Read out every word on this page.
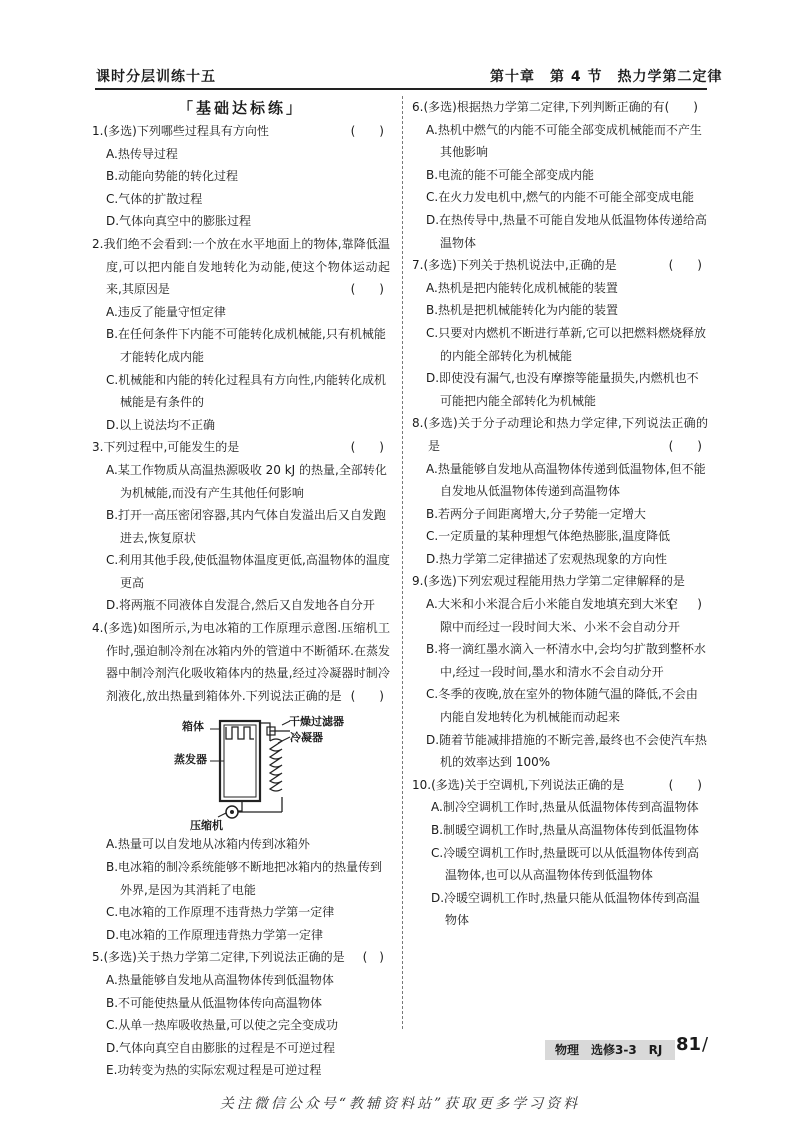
课时分层训练十五	第十章　第 4 节　热力学第二定律
「基础达标练」
1.(多选)下列哪些过程具有方向性	(　　)
A.热传导过程
B.动能向势能的转化过程
C.气体的扩散过程
D.气体向真空中的膨胀过程
2.我们绝不会看到:一个放在水平地面上的物体,靠降低温度,可以把内能自发地转化为动能,使这个物体运动起来,其原因是	(　　)
A.违反了能量守恒定律
B.在任何条件下内能不可能转化成机械能,只有机械能才能转化成内能
C.机械能和内能的转化过程具有方向性,内能转化成机械能是有条件的
D.以上说法均不正确
3.下列过程中,可能发生的是	(　　)
A.某工作物质从高温热源吸收 20 kJ 的热量,全部转化为机械能,而没有产生其他任何影响
B.打开一高压密闭容器,其内气体自发溢出后又自发跑进去,恢复原状
C.利用其他手段,使低温物体温度更低,高温物体的温度更高
D.将两瓶不同液体自发混合,然后又自发地各自分开
4.(多选)如图所示,为电冰箱的工作原理示意图.压缩机工作时,强迫制冷剂在冰箱内外的管道中不断循环.在蒸发器中制冷剂汽化吸收箱体内的热量,经过冷凝器时制冷剂液化,放出热量到箱体外.下列说法正确的是 (　　)
箱体	干燥过滤器
冷凝器
蒸发器
压缩机
A.热量可以自发地从冰箱内传到冰箱外
B.电冰箱的制冷系统能够不断地把冰箱内的热量传到外界,是因为其消耗了电能
C.电冰箱的工作原理不违背热力学第一定律
D.电冰箱的工作原理违背热力学第一定律
5.(多选)关于热力学第二定律,下列说法正确的是 (　)
A.热量能够自发地从高温物体传到低温物体
B.不可能使热量从低温物体传向高温物体
C.从单一热库吸收热量,可以使之完全变成功
D.气体向真空自由膨胀的过程是不可逆过程
E.功转变为热的实际宏观过程是可逆过程
6.(多选)根据热力学第二定律,下列判断正确的有(　　)
A.热机中燃气的内能不可能全部变成机械能而不产生其他影响
B.电流的能不可能全部变成内能
C.在火力发电机中,燃气的内能不可能全部变成电能
D.在热传导中,热量不可能自发地从低温物体传递给高温物体
7.(多选)下列关于热机说法中,正确的是	(　　)
A.热机是把内能转化成机械能的装置
B.热机是把机械能转化为内能的装置
C.只要对内燃机不断进行革新,它可以把燃料燃烧释放的内能全部转化为机械能
D.即使没有漏气,也没有摩擦等能量损失,内燃机也不可能把内能全部转化为机械能
8.(多选)关于分子动理论和热力学定律,下列说法正确的是	(　　)
A.热量能够自发地从高温物体传递到低温物体,但不能自发地从低温物体传递到高温物体
B.若两分子间距离增大,分子势能一定增大
C.一定质量的某种理想气体绝热膨胀,温度降低
D.热力学第二定律描述了宏观热现象的方向性
9.(多选)下列宏观过程能用热力学第二定律解释的是
(　　)
A.大米和小米混合后小米能自发地填充到大米空隙中而经过一段时间大米、小米不会自动分开
B.将一滴红墨水滴入一杯清水中,会均匀扩散到整杯水中,经过一段时间,墨水和清水不会自动分开
C.冬季的夜晚,放在室外的物体随气温的降低,不会由内能自发地转化为机械能而动起来
D.随着节能减排措施的不断完善,最终也不会使汽车热机的效率达到 100%
10.(多选)关于空调机,下列说法正确的是	(　　)
A.制冷空调机工作时,热量从低温物体传到高温物体
B.制暖空调机工作时,热量从高温物体传到低温物体
C.冷暖空调机工作时,热量既可以从低温物体传到高温物体,也可以从高温物体传到低温物体
D.冷暖空调机工作时,热量只能从低温物体传到高温物体
物理　选修3-3　RJ 81 /
关注微信公众号“教辅资料站”获取更多学习资料
